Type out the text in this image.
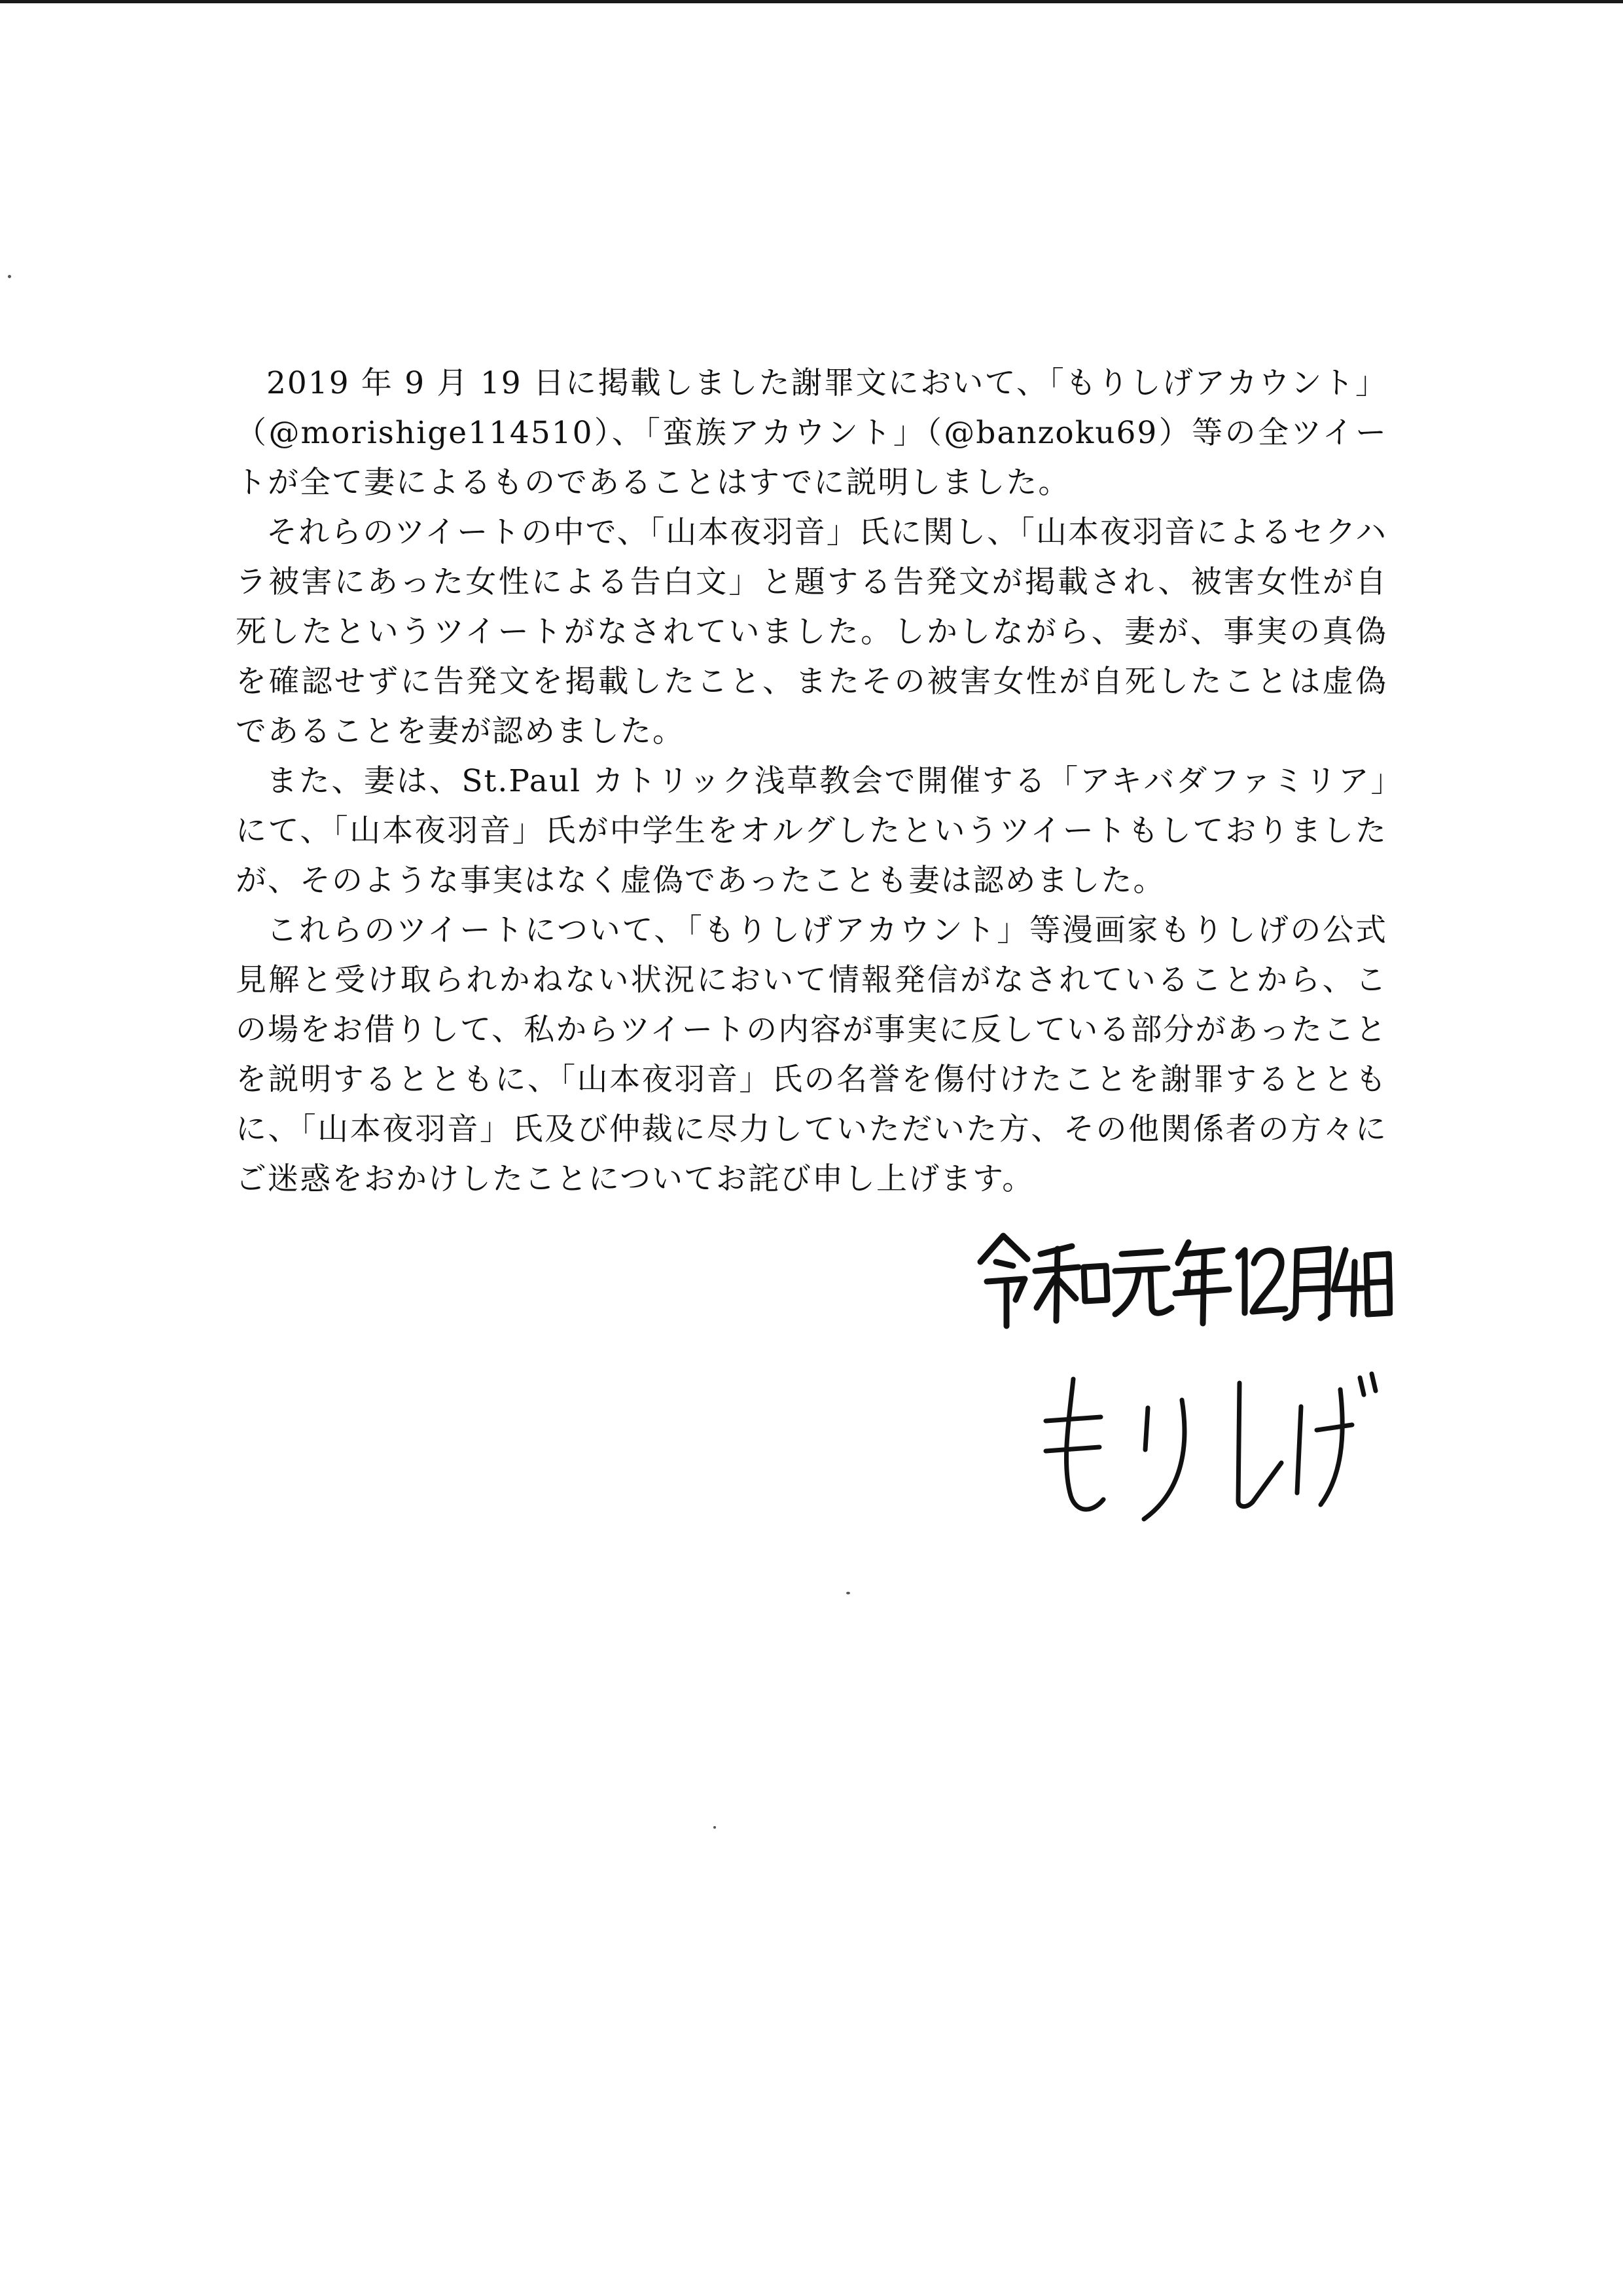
2019 年 9 月 19 日に掲載しました謝罪文において、「もりしげアカウント」（@morishige114510）、「蛮族アカウント」（@banzoku69）等の全ツイートが全て妻によるものであることはすでに説明しました。

それらのツイートの中で、「山本夜羽音」氏に関し、「山本夜羽音によるセクハラ被害にあった女性による告白文」と題する告発文が掲載され、被害女性が自死したというツイートがなされていました。しかしながら、妻が、事実の真偽を確認せずに告発文を掲載したこと、またその被害女性が自死したことは虚偽であることを妻が認めました。

また、妻は、St.Paul カトリック浅草教会で開催する「アキバダファミリア」にて、「山本夜羽音」氏が中学生をオルグしたというツイートもしておりましたが、そのような事実はなく虚偽であったことも妻は認めました。

これらのツイートについて、「もりしげアカウント」等漫画家もりしげの公式見解と受け取られかねない状況において情報発信がなされていることから、この場をお借りして、私からツイートの内容が事実に反している部分があったことを説明するとともに、「山本夜羽音」氏の名誉を傷付けたことを謝罪するとともに、「山本夜羽音」氏及び仲裁に尽力していただいた方、その他関係者の方々にご迷惑をおかけしたことについてお詫び申し上げます。
